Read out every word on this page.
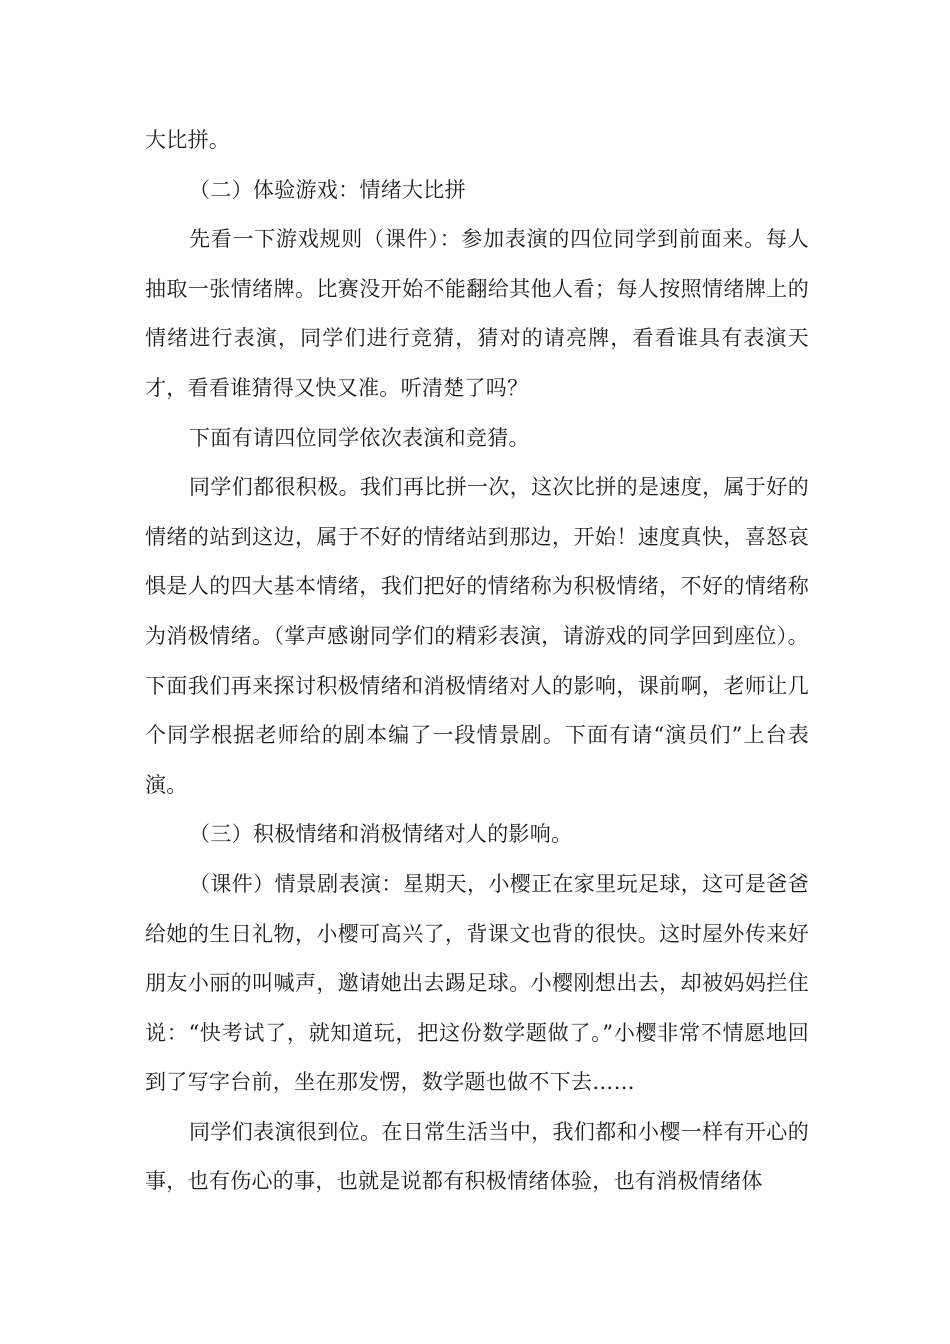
大比拼。

（二）体验游戏：情绪大比拼

先看一下游戏规则（课件）：参加表演的四位同学到前面来。每人抽取一张情绪牌。比赛没开始不能翻给其他人看；每人按照情绪牌上的情绪进行表演，同学们进行竞猜，猜对的请亮牌，看看谁具有表演天才，看看谁猜得又快又准。听清楚了吗？

下面有请四位同学依次表演和竞猜。

同学们都很积极。我们再比拼一次，这次比拼的是速度，属于好的情绪的站到这边，属于不好的情绪站到那边，开始！速度真快，喜怒哀惧是人的四大基本情绪，我们把好的情绪称为积极情绪，不好的情绪称为消极情绪。（掌声感谢同学们的精彩表演，请游戏的同学回到座位）。下面我们再来探讨积极情绪和消极情绪对人的影响，课前啊，老师让几个同学根据老师给的剧本编了一段情景剧。下面有请“演员们”上台表演。

（三）积极情绪和消极情绪对人的影响。

（课件）情景剧表演：星期天，小樱正在家里玩足球，这可是爸爸给她的生日礼物，小樱可高兴了，背课文也背的很快。这时屋外传来好朋友小丽的叫喊声，邀请她出去踢足球。小樱刚想出去，却被妈妈拦住说：“快考试了，就知道玩，把这份数学题做了。”小樱非常不情愿地回到了写字台前，坐在那发愣，数学题也做不下去……

同学们表演很到位。在日常生活当中，我们都和小樱一样有开心的事，也有伤心的事，也就是说都有积极情绪体验，也有消极情绪体
